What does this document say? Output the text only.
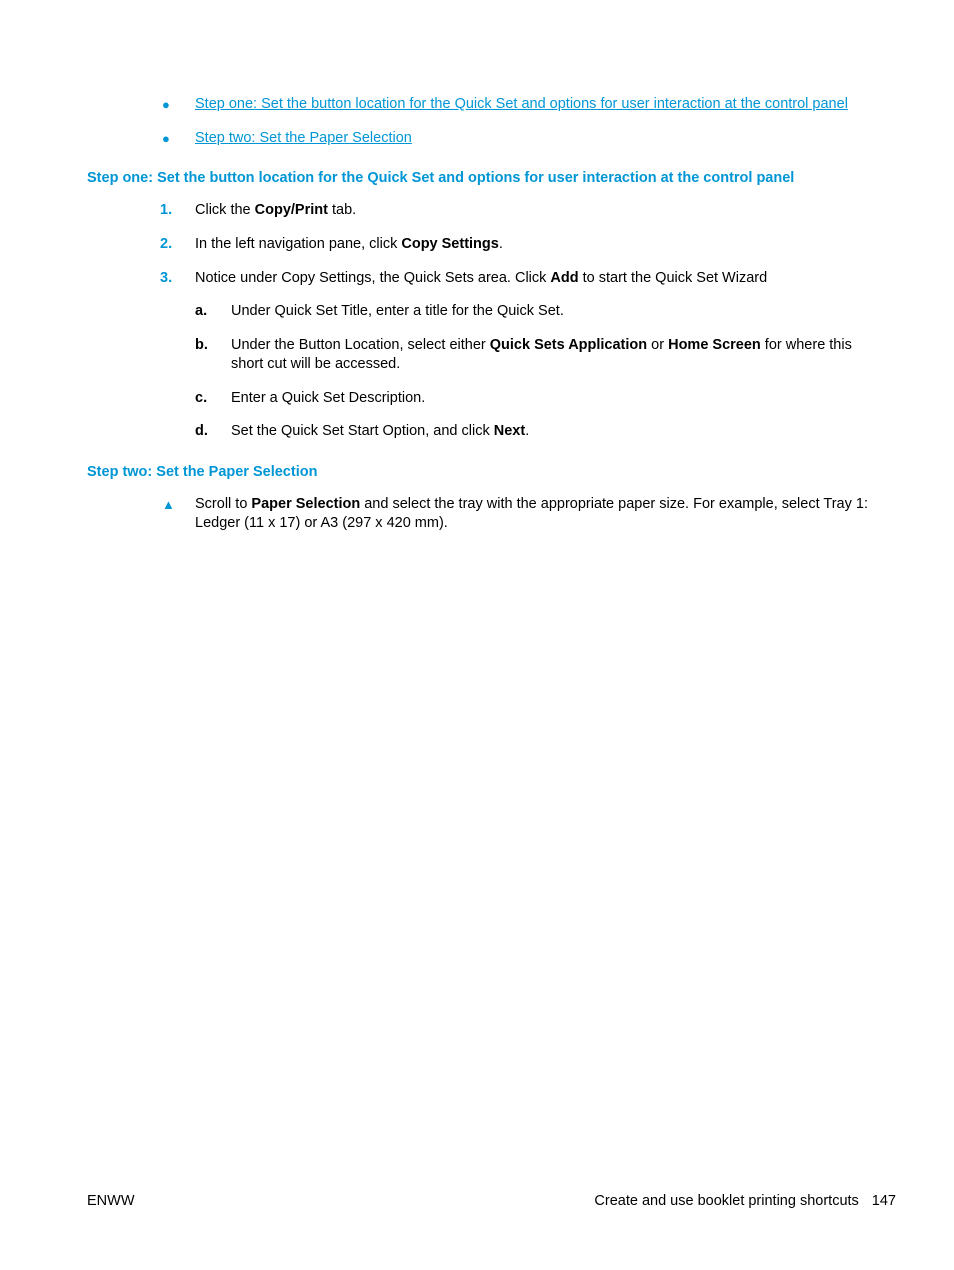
● Step one: Set the button location for the Quick Set and options for user interaction at the control panel
● Step two: Set the Paper Selection
Step one: Set the button location for the Quick Set and options for user interaction at the control panel
1. Click the Copy/Print tab.
2. In the left navigation pane, click Copy Settings.
3. Notice under Copy Settings, the Quick Sets area. Click Add to start the Quick Set Wizard
a. Under Quick Set Title, enter a title for the Quick Set.
b. Under the Button Location, select either Quick Sets Application or Home Screen for where this short cut will be accessed.
c. Enter a Quick Set Description.
d. Set the Quick Set Start Option, and click Next.
Step two: Set the Paper Selection
▲ Scroll to Paper Selection and select the tray with the appropriate paper size. For example, select Tray 1: Ledger (11 x 17) or A3 (297 x 420 mm).
ENWW	Create and use booklet printing shortcuts 147
